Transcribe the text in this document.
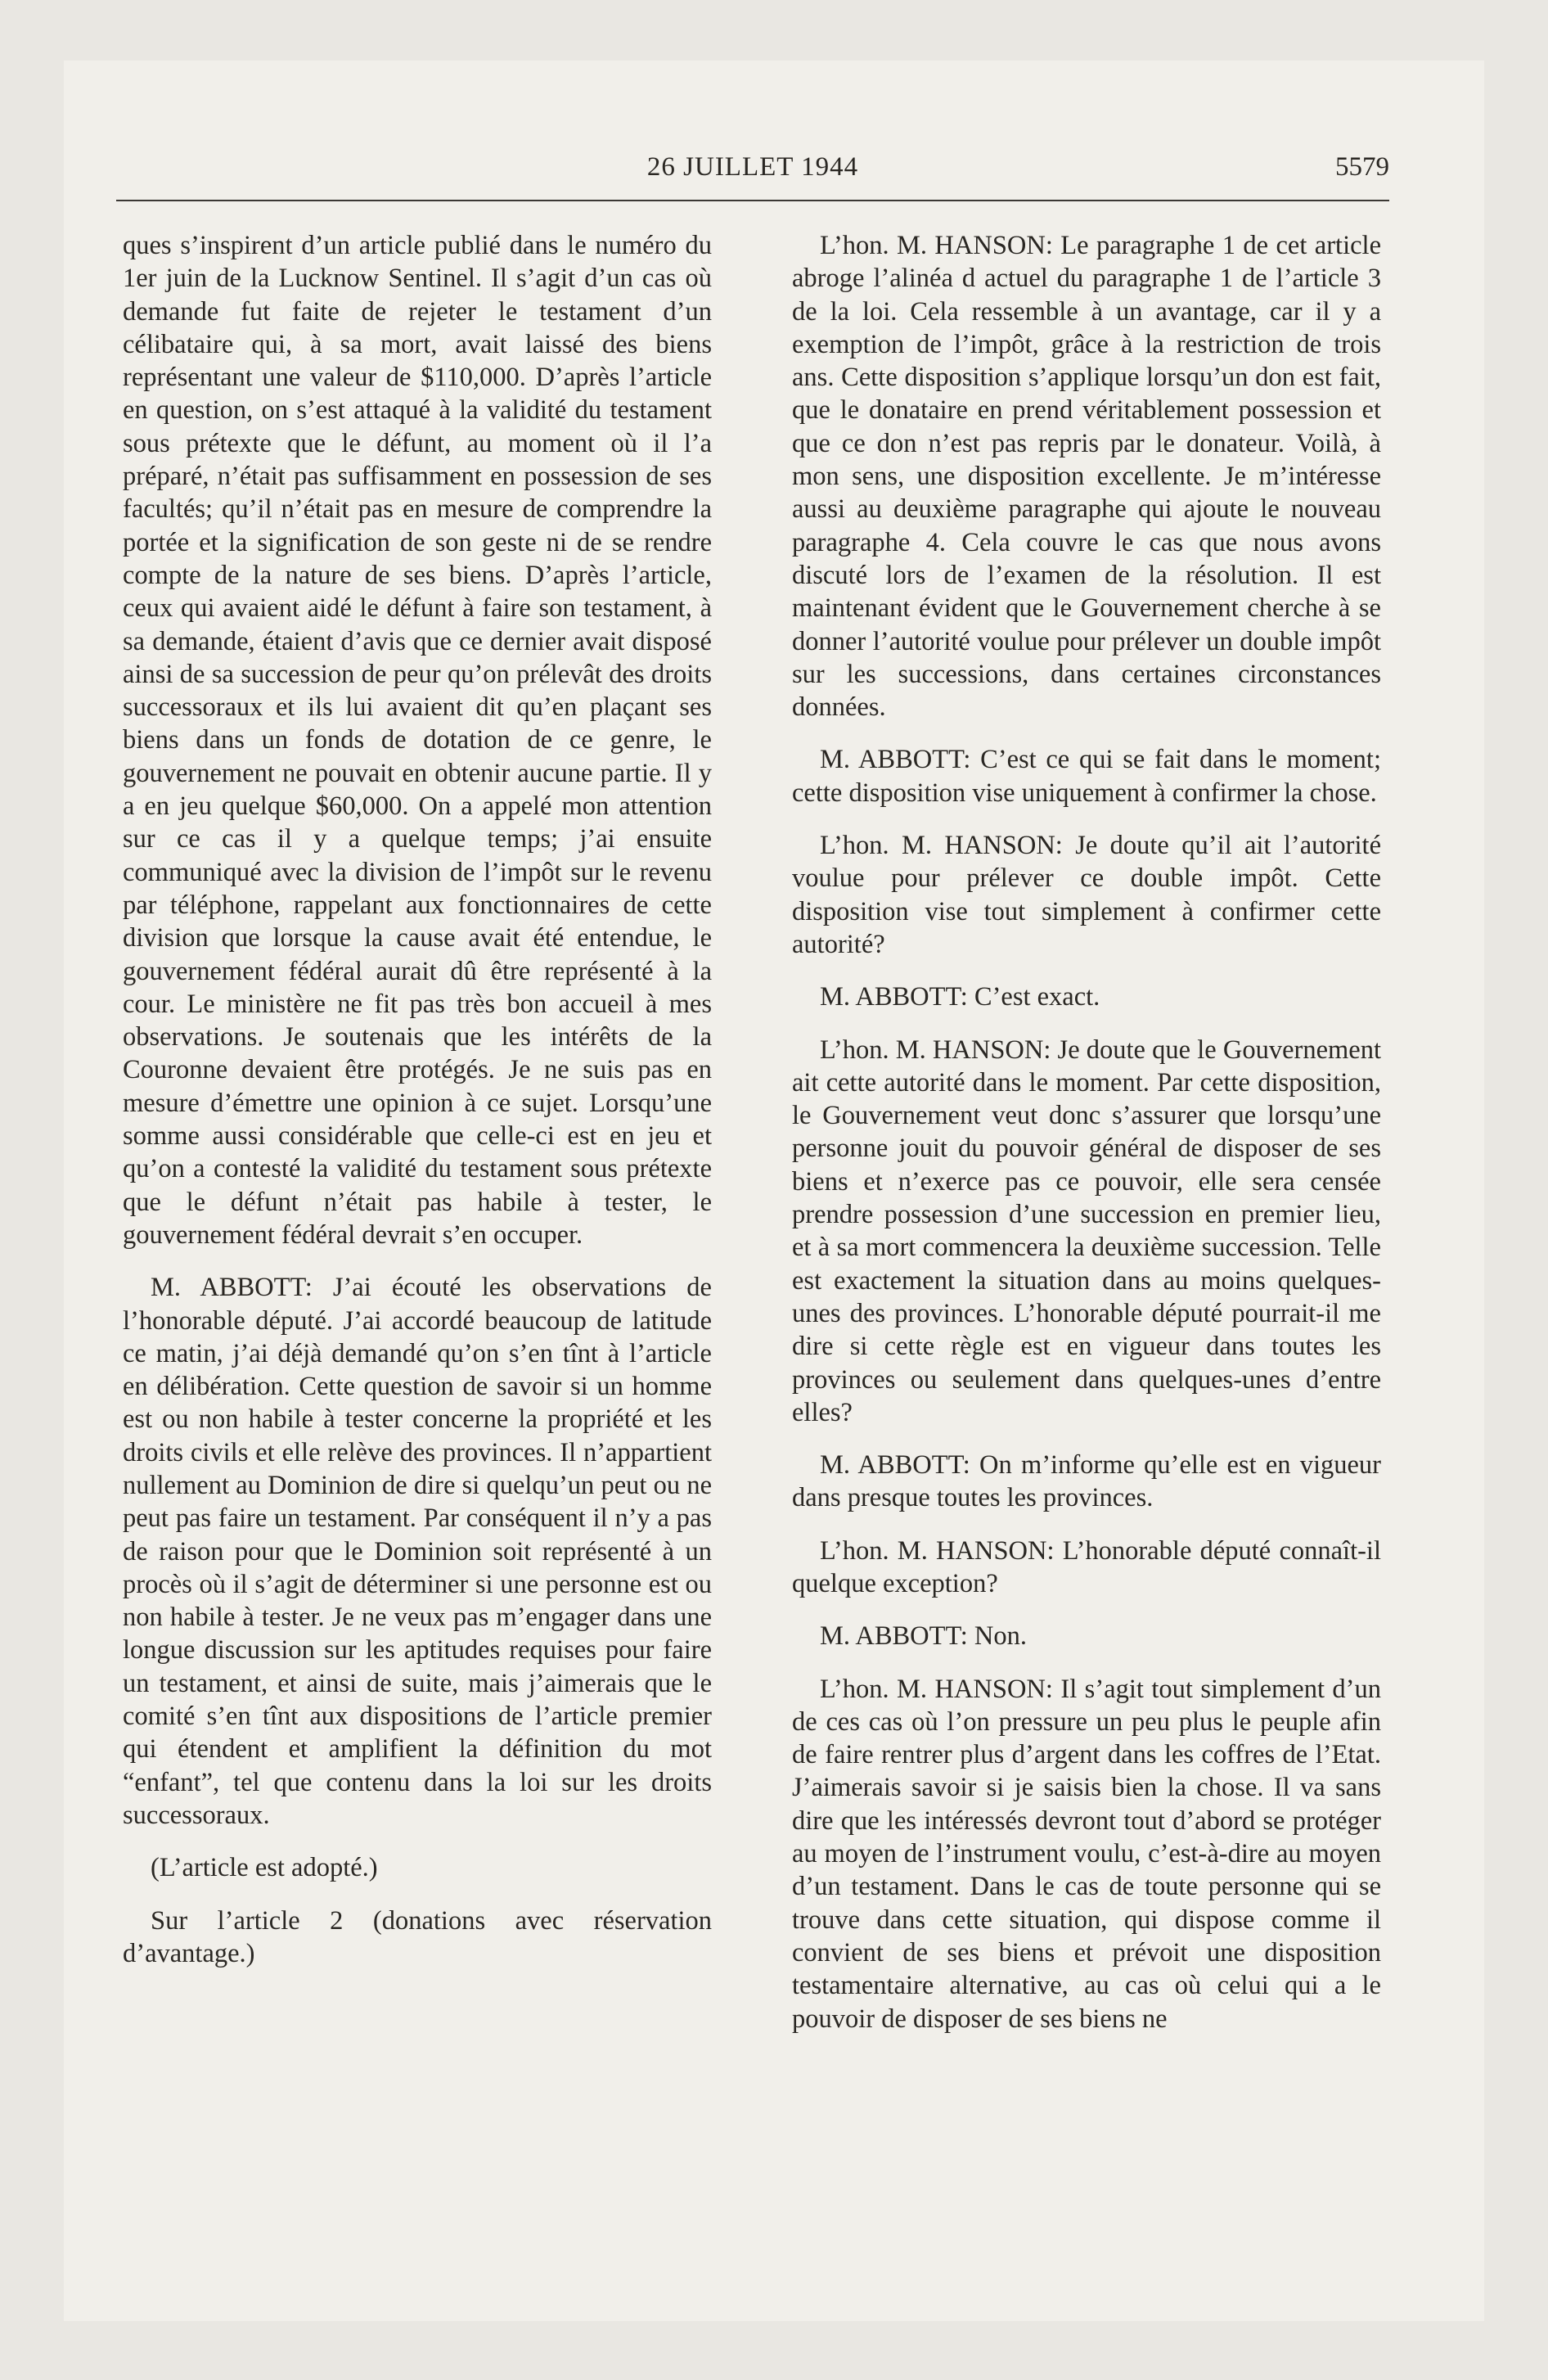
26 JUILLET 1944	5579

ques s’inspirent d’un article publié dans le numéro du 1er juin de la Lucknow Sentinel. Il s’agit d’un cas où demande fut faite de rejeter le testament d’un célibataire qui, à sa mort, avait laissé des biens représentant une valeur de $110,000. D’après l’article en question, on s’est attaqué à la validité du testament sous prétexte que le défunt, au moment où il l’a préparé, n’était pas suffisamment en possession de ses facultés; qu’il n’était pas en mesure de comprendre la portée et la signification de son geste ni de se rendre compte de la nature de ses biens. D’après l’article, ceux qui avaient aidé le défunt à faire son testament, à sa demande, étaient d’avis que ce dernier avait disposé ainsi de sa succession de peur qu’on prélevât des droits successoraux et ils lui avaient dit qu’en plaçant ses biens dans un fonds de dotation de ce genre, le gouvernement ne pouvait en obtenir aucune partie. Il y a en jeu quelque $60,000. On a appelé mon attention sur ce cas il y a quelque temps; j’ai ensuite communiqué avec la division de l’impôt sur le revenu par téléphone, rappelant aux fonctionnaires de cette division que lorsque la cause avait été entendue, le gouvernement fédéral aurait dû être représenté à la cour. Le ministère ne fit pas très bon accueil à mes observations. Je soutenais que les intérêts de la Couronne devaient être protégés. Je ne suis pas en mesure d’émettre une opinion à ce sujet. Lorsqu’une somme aussi considérable que celle-ci est en jeu et qu’on a contesté la validité du testament sous prétexte que le défunt n’était pas habile à tester, le gouvernement fédéral devrait s’en occuper.

M. ABBOTT: J’ai écouté les observations de l’honorable député. J’ai accordé beaucoup de latitude ce matin, j’ai déjà demandé qu’on s’en tînt à l’article en délibération. Cette question de savoir si un homme est ou non habile à tester concerne la propriété et les droits civils et elle relève des provinces. Il n’appartient nullement au Dominion de dire si quelqu’un peut ou ne peut pas faire un testament. Par conséquent il n’y a pas de raison pour que le Dominion soit représenté à un procès où il s’agit de déterminer si une personne est ou non habile à tester. Je ne veux pas m’engager dans une longue discussion sur les aptitudes requises pour faire un testament, et ainsi de suite, mais j’aimerais que le comité s’en tînt aux dispositions de l’article premier qui étendent et amplifient la définition du mot “enfant”, tel que contenu dans la loi sur les droits successoraux.

(L’article est adopté.)

Sur l’article 2 (donations avec réservation d’avantage.)

L’hon. M. HANSON: Le paragraphe 1 de cet article abroge l’alinéa d actuel du paragraphe 1 de l’article 3 de la loi. Cela ressemble à un avantage, car il y a exemption de l’impôt, grâce à la restriction de trois ans. Cette disposition s’applique lorsqu’un don est fait, que le donataire en prend véritablement possession et que ce don n’est pas repris par le donateur. Voilà, à mon sens, une disposition excellente. Je m’intéresse aussi au deuxième paragraphe qui ajoute le nouveau paragraphe 4. Cela couvre le cas que nous avons discuté lors de l’examen de la résolution. Il est maintenant évident que le Gouvernement cherche à se donner l’autorité voulue pour prélever un double impôt sur les successions, dans certaines circonstances données.

M. ABBOTT: C’est ce qui se fait dans le moment; cette disposition vise uniquement à confirmer la chose.

L’hon. M. HANSON: Je doute qu’il ait l’autorité voulue pour prélever ce double impôt. Cette disposition vise tout simplement à confirmer cette autorité?

M. ABBOTT: C’est exact.

L’hon. M. HANSON: Je doute que le Gouvernement ait cette autorité dans le moment. Par cette disposition, le Gouvernement veut donc s’assurer que lorsqu’une personne jouit du pouvoir général de disposer de ses biens et n’exerce pas ce pouvoir, elle sera censée prendre possession d’une succession en premier lieu, et à sa mort commencera la deuxième succession. Telle est exactement la situation dans au moins quelques-unes des provinces. L’honorable député pourrait-il me dire si cette règle est en vigueur dans toutes les provinces ou seulement dans quelques-unes d’entre elles?

M. ABBOTT: On m’informe qu’elle est en vigueur dans presque toutes les provinces.

L’hon. M. HANSON: L’honorable député connaît-il quelque exception?

M. ABBOTT: Non.

L’hon. M. HANSON: Il s’agit tout simplement d’un de ces cas où l’on pressure un peu plus le peuple afin de faire rentrer plus d’argent dans les coffres de l’Etat. J’aimerais savoir si je saisis bien la chose. Il va sans dire que les intéressés devront tout d’abord se protéger au moyen de l’instrument voulu, c’est-à-dire au moyen d’un testament. Dans le cas de toute personne qui se trouve dans cette situation, qui dispose comme il convient de ses biens et prévoit une disposition testamentaire alternative, au cas où celui qui a le pouvoir de disposer de ses biens ne
